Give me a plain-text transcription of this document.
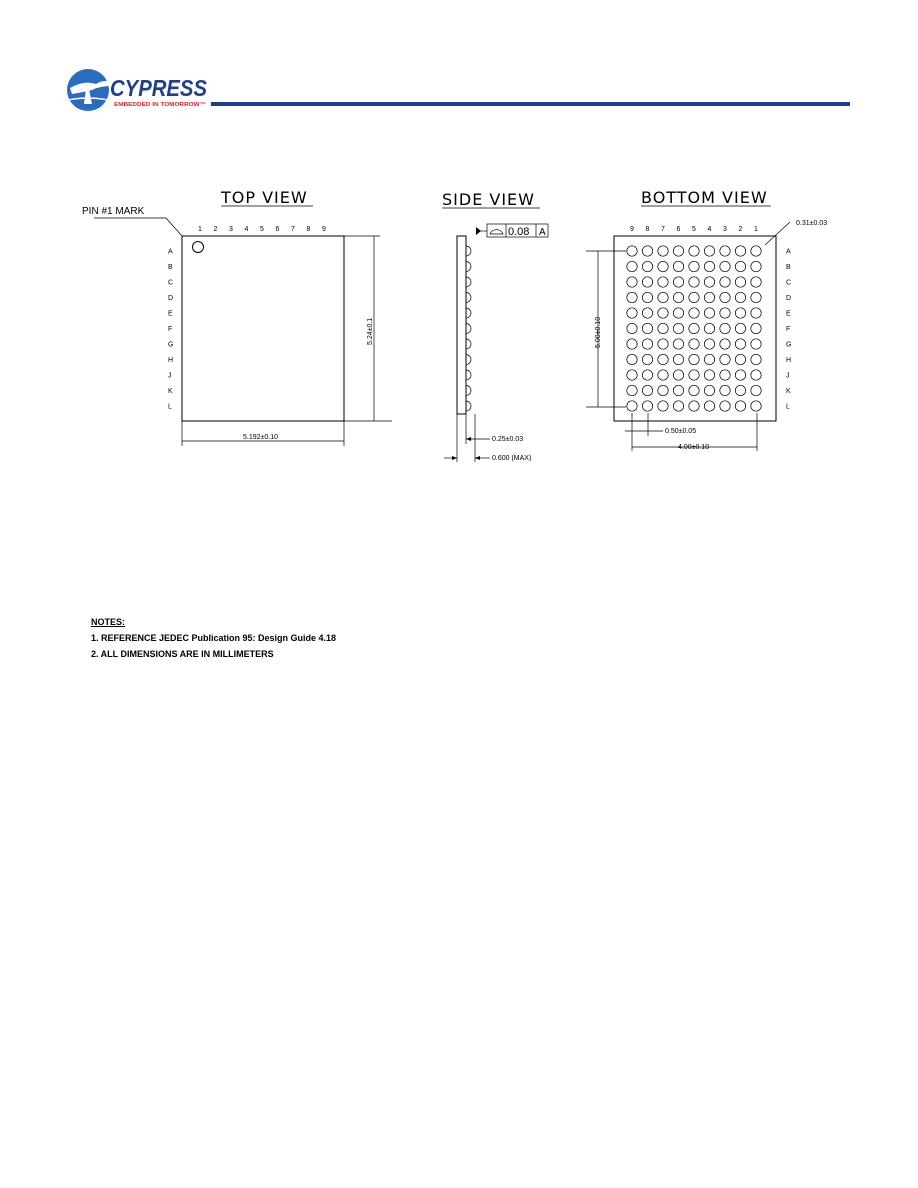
CYPRESS
EMBEDDED IN TOMORROW™
TOP VIEW
PIN #1 MARK
1 2 3 4 5 6 7 8 9
A
B
C
D
E
F
G
H
J
K
L
5.192±0.10
5.24±0.1
SIDE VIEW
0.08 A
0.25±0.03
0.600 (MAX)
BOTTOM VIEW
9 8 7 6 5 4 3 2 1
A
B
C
D
E
F
G
H
J
K
L
0.31±0.03
5.00±0.10
0.50±0.05
4.00±0.10
NOTES:
1. REFERENCE JEDEC Publication 95: Design Guide 4.18
2. ALL DIMENSIONS ARE IN MILLIMETERS
